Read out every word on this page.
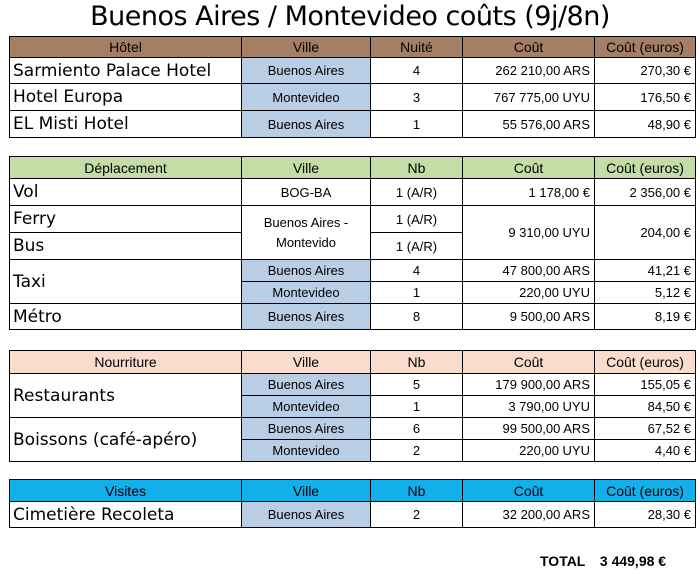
Buenos Aires / Montevideo coûts (9j/8n)
Hôtel	Ville	Nuité	Coût	Coût (euros)
Sarmiento Palace Hotel	Buenos Aires	4	262 210,00 ARS	270,30 €
Hotel Europa	Montevideo	3	767 775,00 UYU	176,50 €
EL Misti Hotel	Buenos Aires	1	55 576,00 ARS	48,90 €
Déplacement	Ville	Nb	Coût	Coût (euros)
Vol	BOG-BA	1 (A/R)	1 178,00 €	2 356,00 €
Ferry	Buenos Aires - Montevido	1 (A/R)	9 310,00 UYU	204,00 €
Bus		1 (A/R)		
Taxi	Buenos Aires	4	47 800,00 ARS	41,21 €
	Montevideo	1	220,00 UYU	5,12 €
Métro	Buenos Aires	8	9 500,00 ARS	8,19 €
Nourriture	Ville	Nb	Coût	Coût (euros)
Restaurants	Buenos Aires	5	179 900,00 ARS	155,05 €
	Montevideo	1	3 790,00 UYU	84,50 €
Boissons (café-apéro)	Buenos Aires	6	99 500,00 ARS	67,52 €
	Montevideo	2	220,00 UYU	4,40 €
Visites	Ville	Nb	Coût	Coût (euros)
Cimetière Recoleta	Buenos Aires	2	32 200,00 ARS	28,30 €
TOTAL 3 449,98 €
